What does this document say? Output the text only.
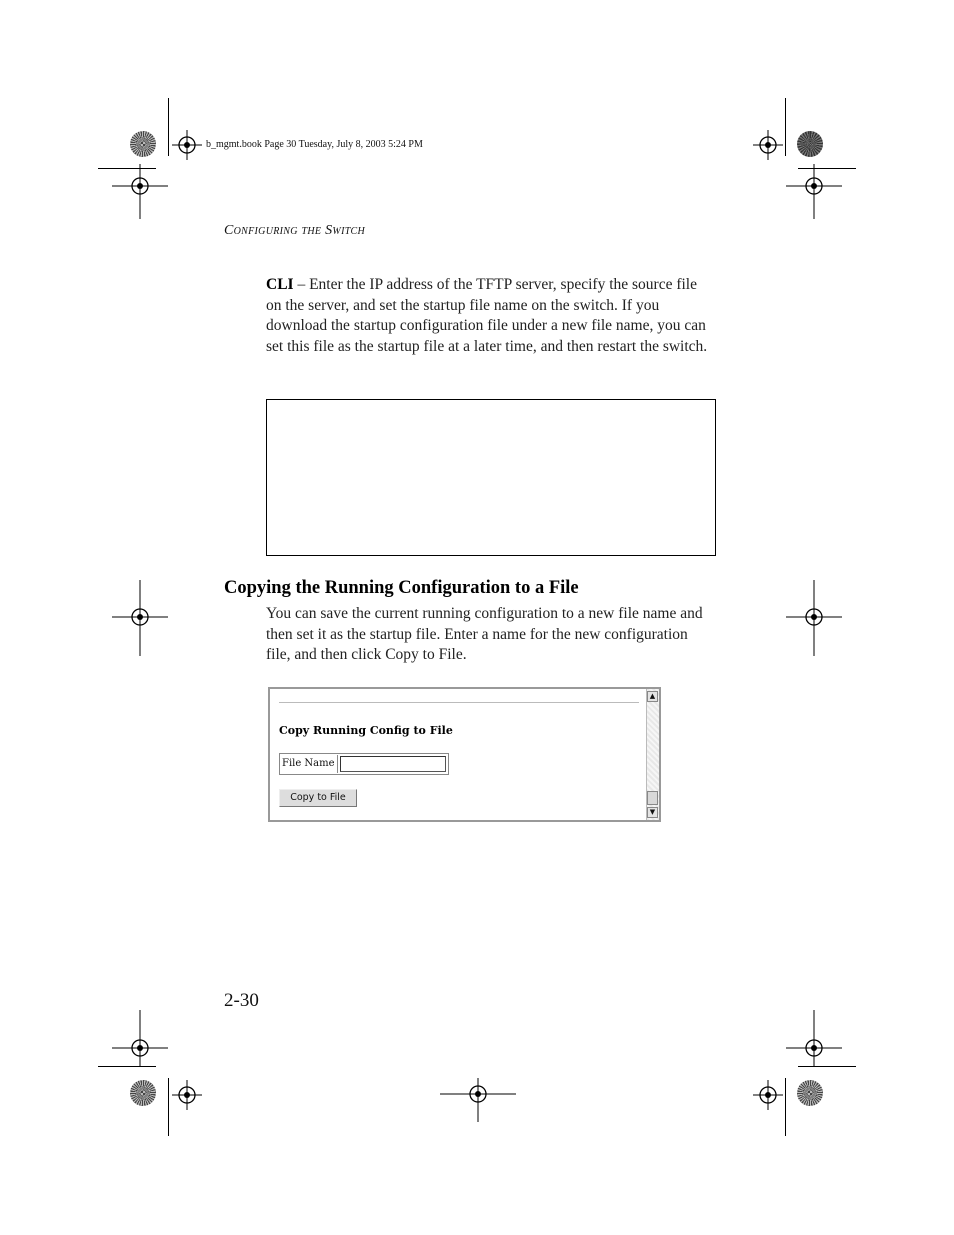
b_mgmt.book Page 30 Tuesday, July 8, 2003 5:24 PM
Configuring the Switch
CLI – Enter the IP address of the TFTP server, specify the source file on the server, and set the startup file name on the switch. If you download the startup configuration file under a new file name, you can set this file as the startup file at a later time, and then restart the switch.
Copying the Running Configuration to a File
You can save the current running configuration to a new file name and then set it as the startup file. Enter a name for the new configuration file, and then click Copy to File.
Copy Running Config to File
File Name
Copy to File
▲
▼
2-30
